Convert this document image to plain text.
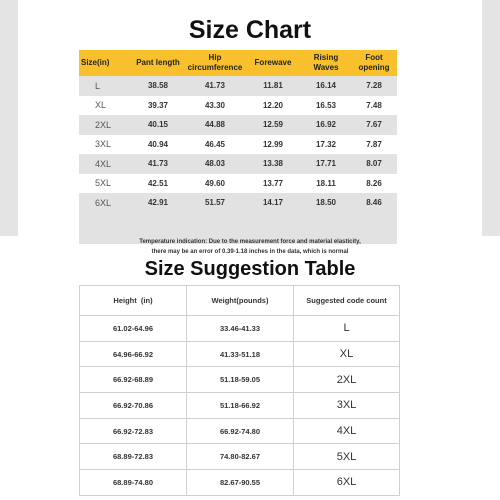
Size Chart
Size(in)	Pant length	Hip circumference	Forewave	Rising Waves	Foot opening
L	38.58	41.73	11.81	16.14	7.28
XL	39.37	43.30	12.20	16.53	7.48
2XL	40.15	44.88	12.59	16.92	7.67
3XL	40.94	46.45	12.99	17.32	7.87
4XL	41.73	48.03	13.38	17.71	8.07
5XL	42.51	49.60	13.77	18.11	8.26
6XL	42.91	51.57	14.17	18.50	8.46

Temperature indication: Due to the measurement force and material elasticity,
there may be an error of 0.39-1.18 inches in the data, which is normal
Size Suggestion Table
Height  (in)	Weight(pounds)	Suggested code count
61.02-64.96	33.46-41.33	L
64.96-66.92	41.33-51.18	XL
66.92-68.89	51.18-59.05	2XL
66.92-70.86	51.18-66.92	3XL
66.92-72.83	66.92-74.80	4XL
68.89-72.83	74.80-82.67	5XL
68.89-74.80	82.67-90.55	6XL
